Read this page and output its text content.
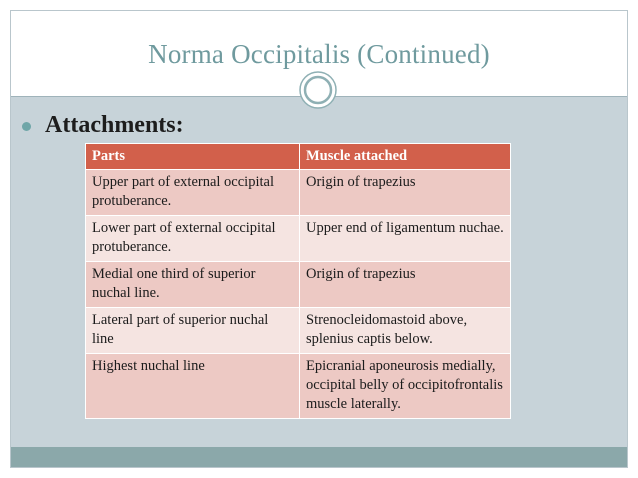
Norma Occipitalis (Continued)
Attachments:
Parts	Muscle attached
Upper part of external occipital protuberance.	Origin of trapezius
Lower part of external occipital protuberance.	Upper end of ligamentum nuchae.
Medial one third of superior nuchal line.	Origin of trapezius
Lateral part of superior nuchal line	Strenocleidomastoid above, splenius captis below.
Highest nuchal line	Epicranial aponeurosis medially, occipital belly of occipitofrontalis muscle laterally.
